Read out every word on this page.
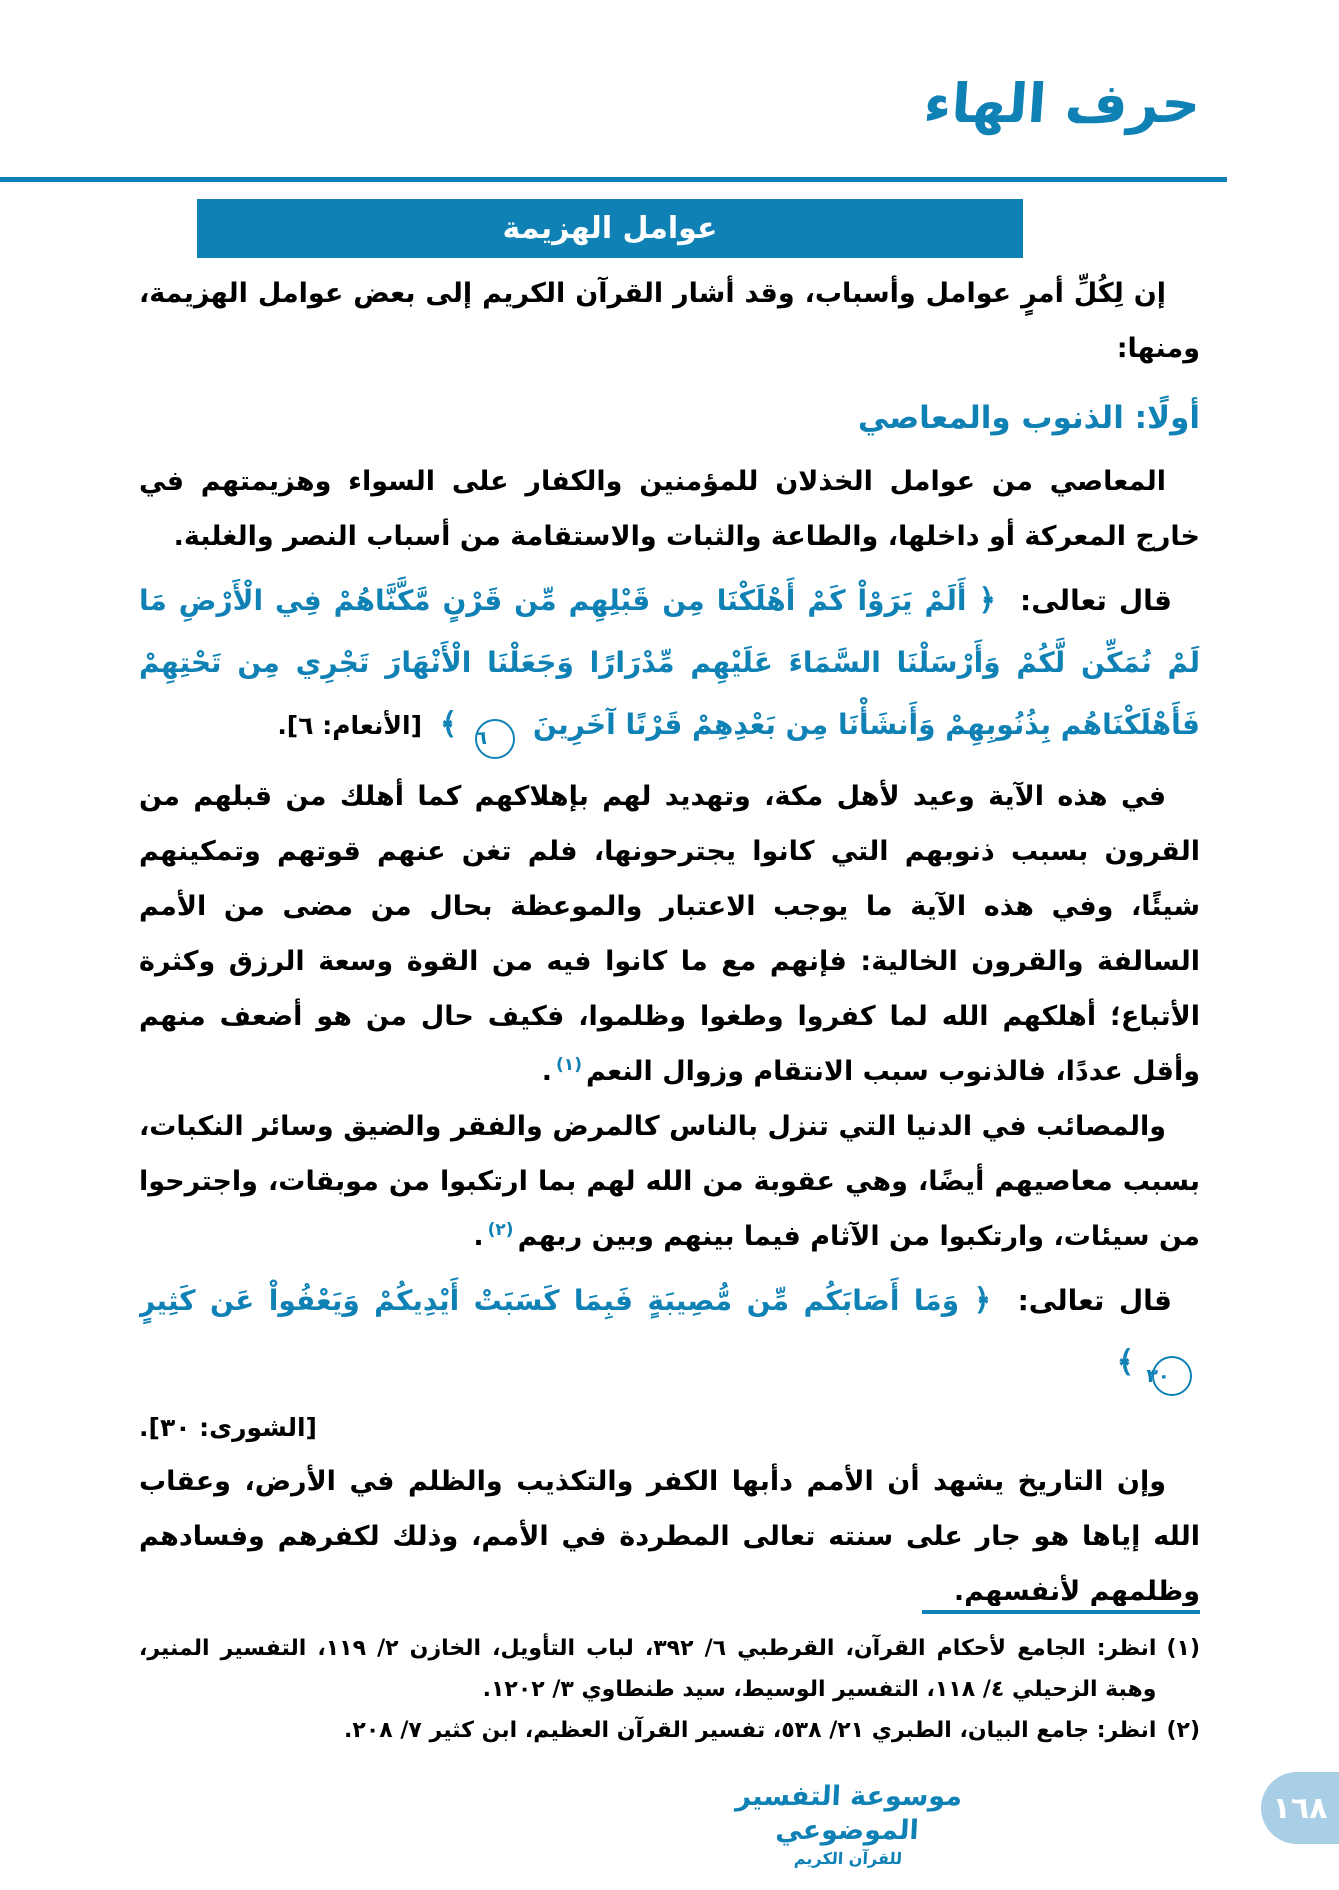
حرف الهاء
عوامل الهزيمة

إن لِكُلِّ أمرٍ عوامل وأسباب، وقد أشار القرآن الكريم إلى بعض عوامل الهزيمة، ومنها:

أولًا: الذنوب والمعاصي

المعاصي من عوامل الخذلان للمؤمنين والكفار على السواء وهزيمتهم في خارج المعركة أو داخلها، والطاعة والثبات والاستقامة من أسباب النصر والغلبة.

قال تعالى: ﴿ أَلَمْ يَرَوْاْ كَمْ أَهْلَكْنَا مِن قَبْلِهِم مِّن قَرْنٍ مَّكَّنَّاهُمْ فِي الْأَرْضِ مَا لَمْ نُمَكِّن لَّكُمْ وَأَرْسَلْنَا السَّمَاءَ عَلَيْهِم مِّدْرَارًا وَجَعَلْنَا الْأَنْهَارَ تَجْرِي مِن تَحْتِهِمْ فَأَهْلَكْنَاهُم بِذُنُوبِهِمْ وَأَنشَأْنَا مِن بَعْدِهِمْ قَرْنًا آخَرِينَ ٦ ﴾ [الأنعام: ٦].

في هذه الآية وعيد لأهل مكة، وتهديد لهم بإهلاكهم كما أهلك من قبلهم من القرون بسبب ذنوبهم التي كانوا يجترحونها، فلم تغن عنهم قوتهم وتمكينهم شيئًا، وفي هذه الآية ما يوجب الاعتبار والموعظة بحال من مضى من الأمم السالفة والقرون الخالية: فإنهم مع ما كانوا فيه من القوة وسعة الرزق وكثرة الأتباع؛ أهلكهم الله لما كفروا وطغوا وظلموا، فكيف حال من هو أضعف منهم وأقل عددًا، فالذنوب سبب الانتقام وزوال النعم$^{(١)}$.

والمصائب في الدنيا التي تنزل بالناس كالمرض والفقر والضيق وسائر النكبات، بسبب معاصيهم أيضًا، وهي عقوبة من الله لهم بما ارتكبوا من موبقات، واجترحوا من سيئات، وارتكبوا من الآثام فيما بينهم وبين ربهم$^{(٢)}$.

قال تعالى: ﴿ وَمَا أَصَابَكُم مِّن مُّصِيبَةٍ فَبِمَا كَسَبَتْ أَيْدِيكُمْ وَيَعْفُواْ عَن كَثِيرٍ ٣٠ ﴾

[الشورى: ٣٠].

وإن التاريخ يشهد أن الأمم دأبها الكفر والتكذيب والظلم في الأرض، وعقاب الله إياها هو جار على سنته تعالى المطردة في الأمم، وذلك لكفرهم وفسادهم وظلمهم لأنفسهم.

(١)
انظر: الجامع لأحكام القرآن، القرطبي ٦/ ٣٩٢، لباب التأويل، الخازن ٢/ ١١٩، التفسير المنير، وهبة الزحيلي ٤/ ١١٨، التفسير الوسيط، سيد طنطاوي ٣/ ١٢٠٢.
(٢)
انظر: جامع البيان، الطبري ٢١/ ٥٣٨، تفسير القرآن العظيم، ابن كثير ٧/ ٢٠٨.
موسوعة التفسير الموضوعي
للقرآن الكريم
١٦٨
